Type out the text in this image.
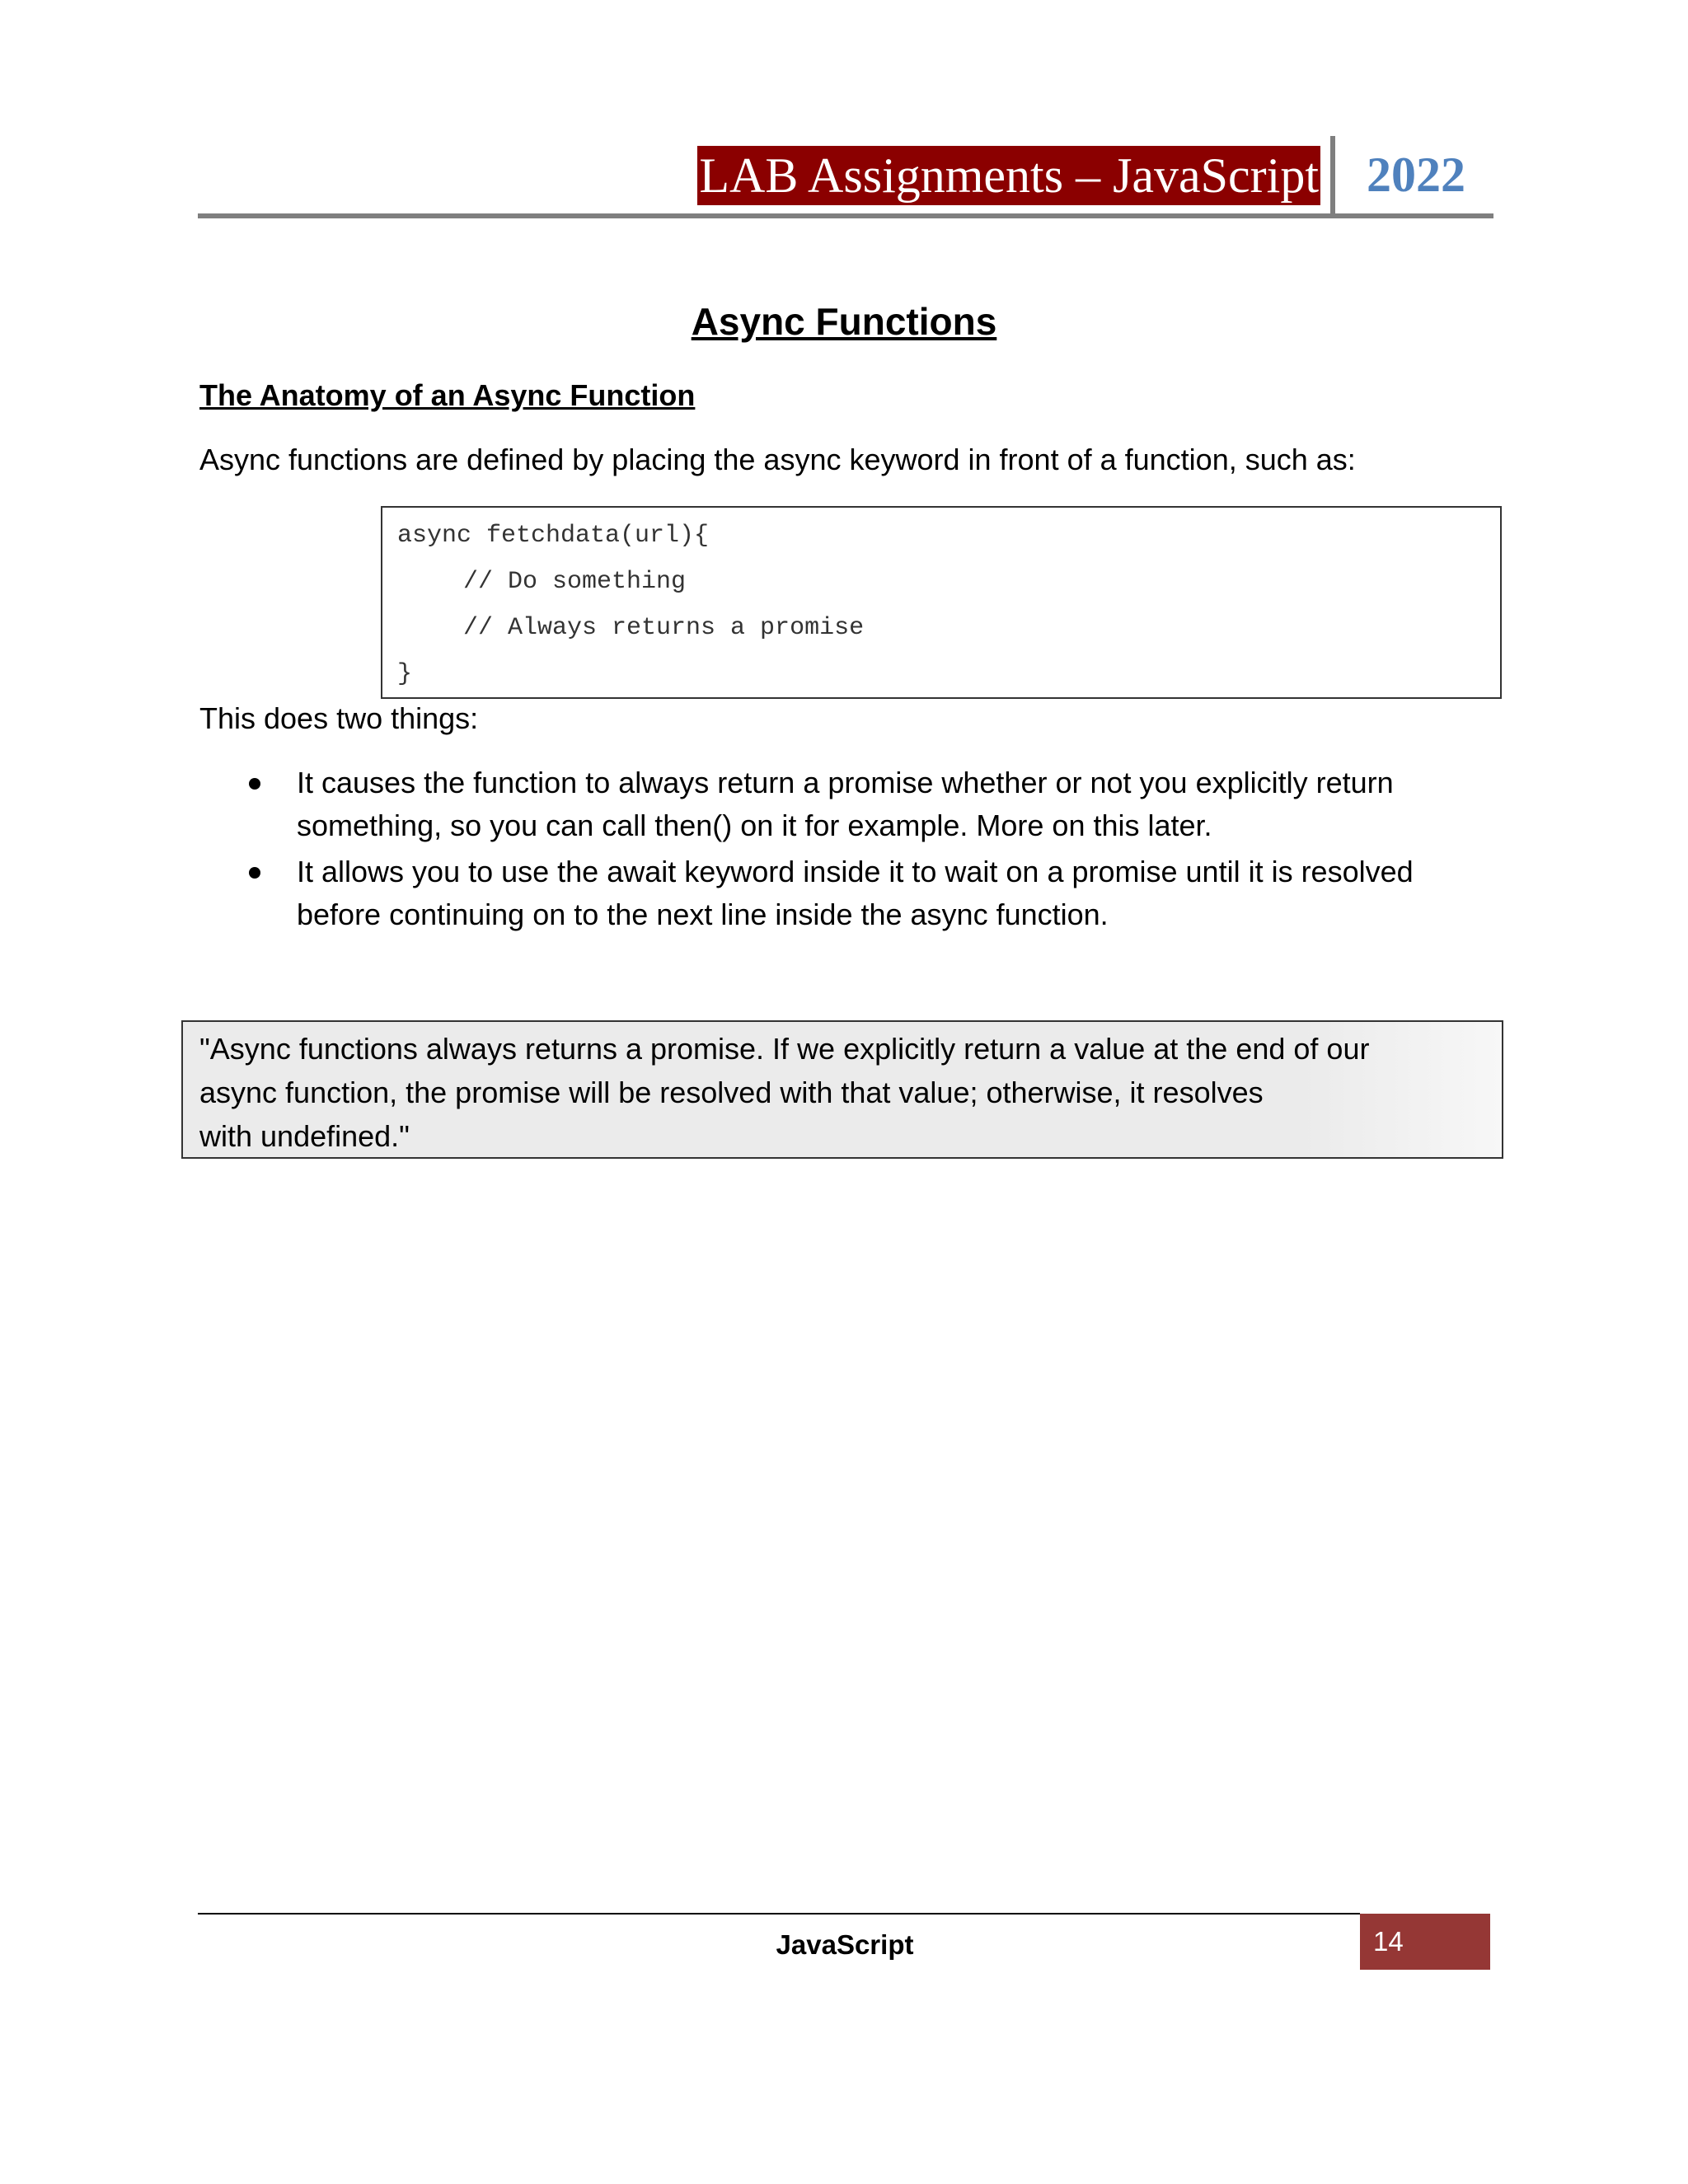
LAB Assignments – JavaScript 2022
Async Functions
The Anatomy of an Async Function
Async functions are defined by placing the async keyword in front of a function, such as:
async fetchdata(url){
// Do something
// Always returns a promise
}
This does two things:
It causes the function to always return a promise whether or not you explicitly return something, so you can call then() on it for example. More on this later.
It allows you to use the await keyword inside it to wait on a promise until it is resolved before continuing on to the next line inside the async function.
"Async functions always returns a promise. If we explicitly return a value at the end of our
async function, the promise will be resolved with that value; otherwise, it resolves
with undefined."
JavaScript	14
